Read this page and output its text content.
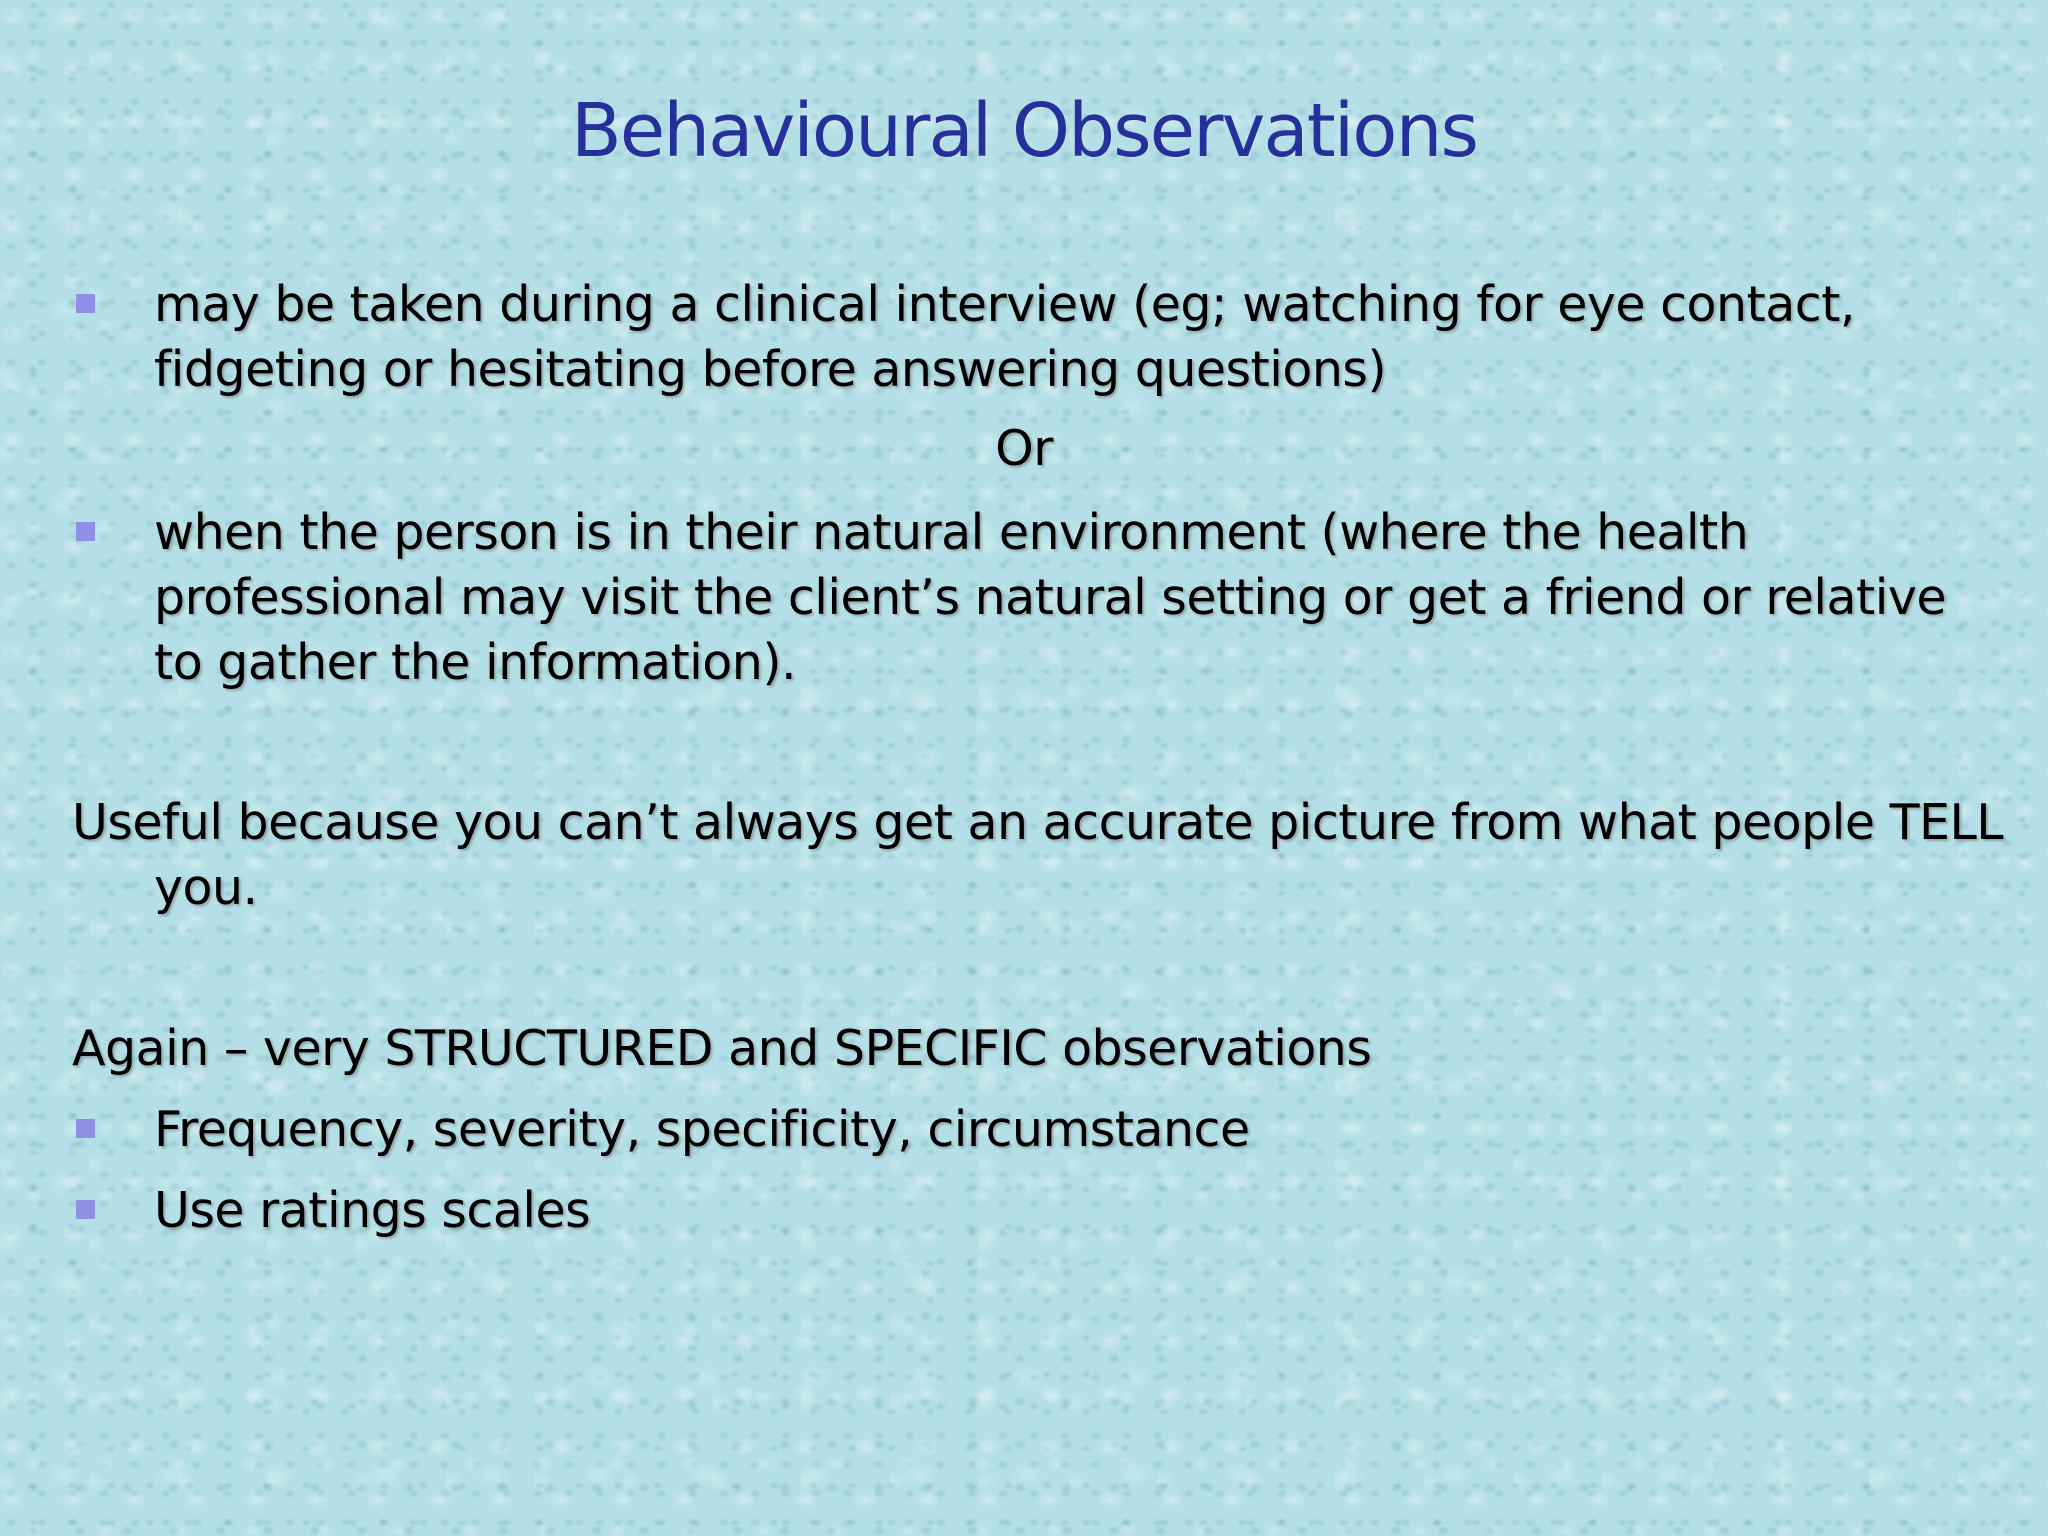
Behavioural Observations
may be taken during a clinical interview (eg; watching for eye contact, fidgeting or hesitating before answering questions)
Or
when the person is in their natural environment (where the health professional may visit the client’s natural setting or get a friend or relative to gather the information).
Useful because you can’t always get an accurate picture from what people TELL you.
Again – very STRUCTURED and SPECIFIC observations
Frequency, severity, specificity, circumstance
Use ratings scales
